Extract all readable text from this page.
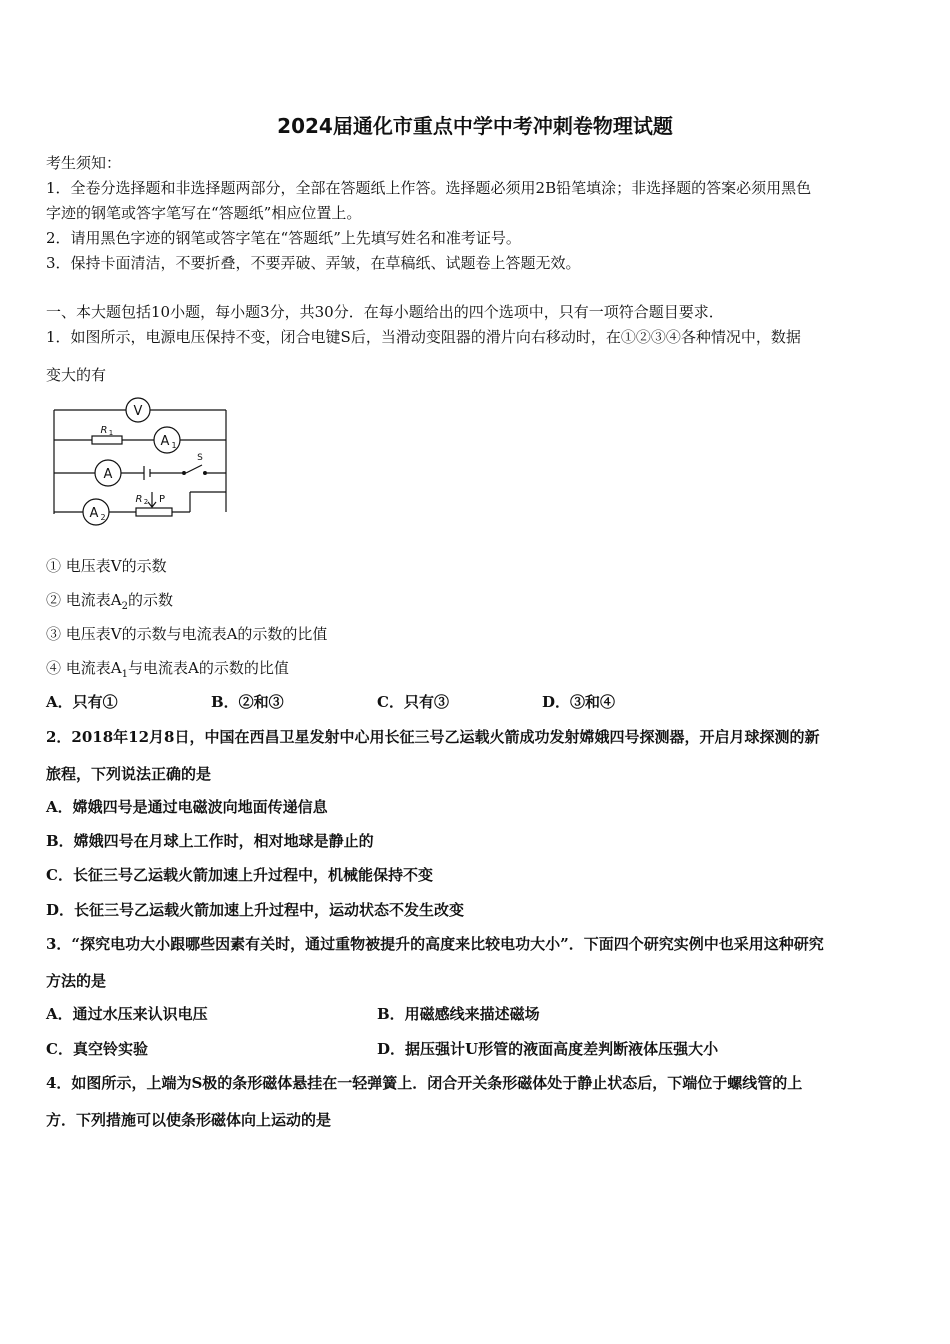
2024届通化市重点中学中考冲刺卷物理试题
考生须知：
1．全卷分选择题和非选择题两部分，全部在答题纸上作答。选择题必须用2B铅笔填涂；非选择题的答案必须用黑色
字迹的钢笔或答字笔写在“答题纸”相应位置上。
2．请用黑色字迹的钢笔或答字笔在“答题纸”上先填写姓名和准考证号。
3．保持卡面清洁，不要折叠，不要弄破、弄皱，在草稿纸、试题卷上答题无效。
一、本大题包括10小题，每小题3分，共30分．在每小题给出的四个选项中，只有一项符合题目要求．
1．如图所示，电源电压保持不变，闭合电键S后，当滑动变阻器的滑片向右移动时，在①②③④各种情况中，数据
变大的有
V
R 1
A 1
A
S
R 2 P
A 2
① 电压表V的示数
② 电流表$A_2$的示数
③ 电压表V的示数与电流表A的示数的比值
④ 电流表$A_1$与电流表A的示数的比值
A．只有①	B．②和③	C．只有③	D．③和④
2．2018年12月8日，中国在西昌卫星发射中心用长征三号乙运载火箭成功发射嫦娥四号探测器，开启月球探测的新
旅程，下列说法正确的是
A．嫦娥四号是通过电磁波向地面传递信息
B．嫦娥四号在月球上工作时，相对地球是静止的
C．长征三号乙运载火箭加速上升过程中，机械能保持不变
D．长征三号乙运载火箭加速上升过程中，运动状态不发生改变
3．“探究电功大小跟哪些因素有关时，通过重物被提升的高度来比较电功大小”．下面四个研究实例中也采用这种研究
方法的是
A．通过水压来认识电压	B．用磁感线来描述磁场
C．真空铃实验	D．据压强计U形管的液面高度差判断液体压强大小
4．如图所示，上端为S极的条形磁体悬挂在一轻弹簧上．闭合开关条形磁体处于静止状态后，下端位于螺线管的上
方．下列措施可以使条形磁体向上运动的是
